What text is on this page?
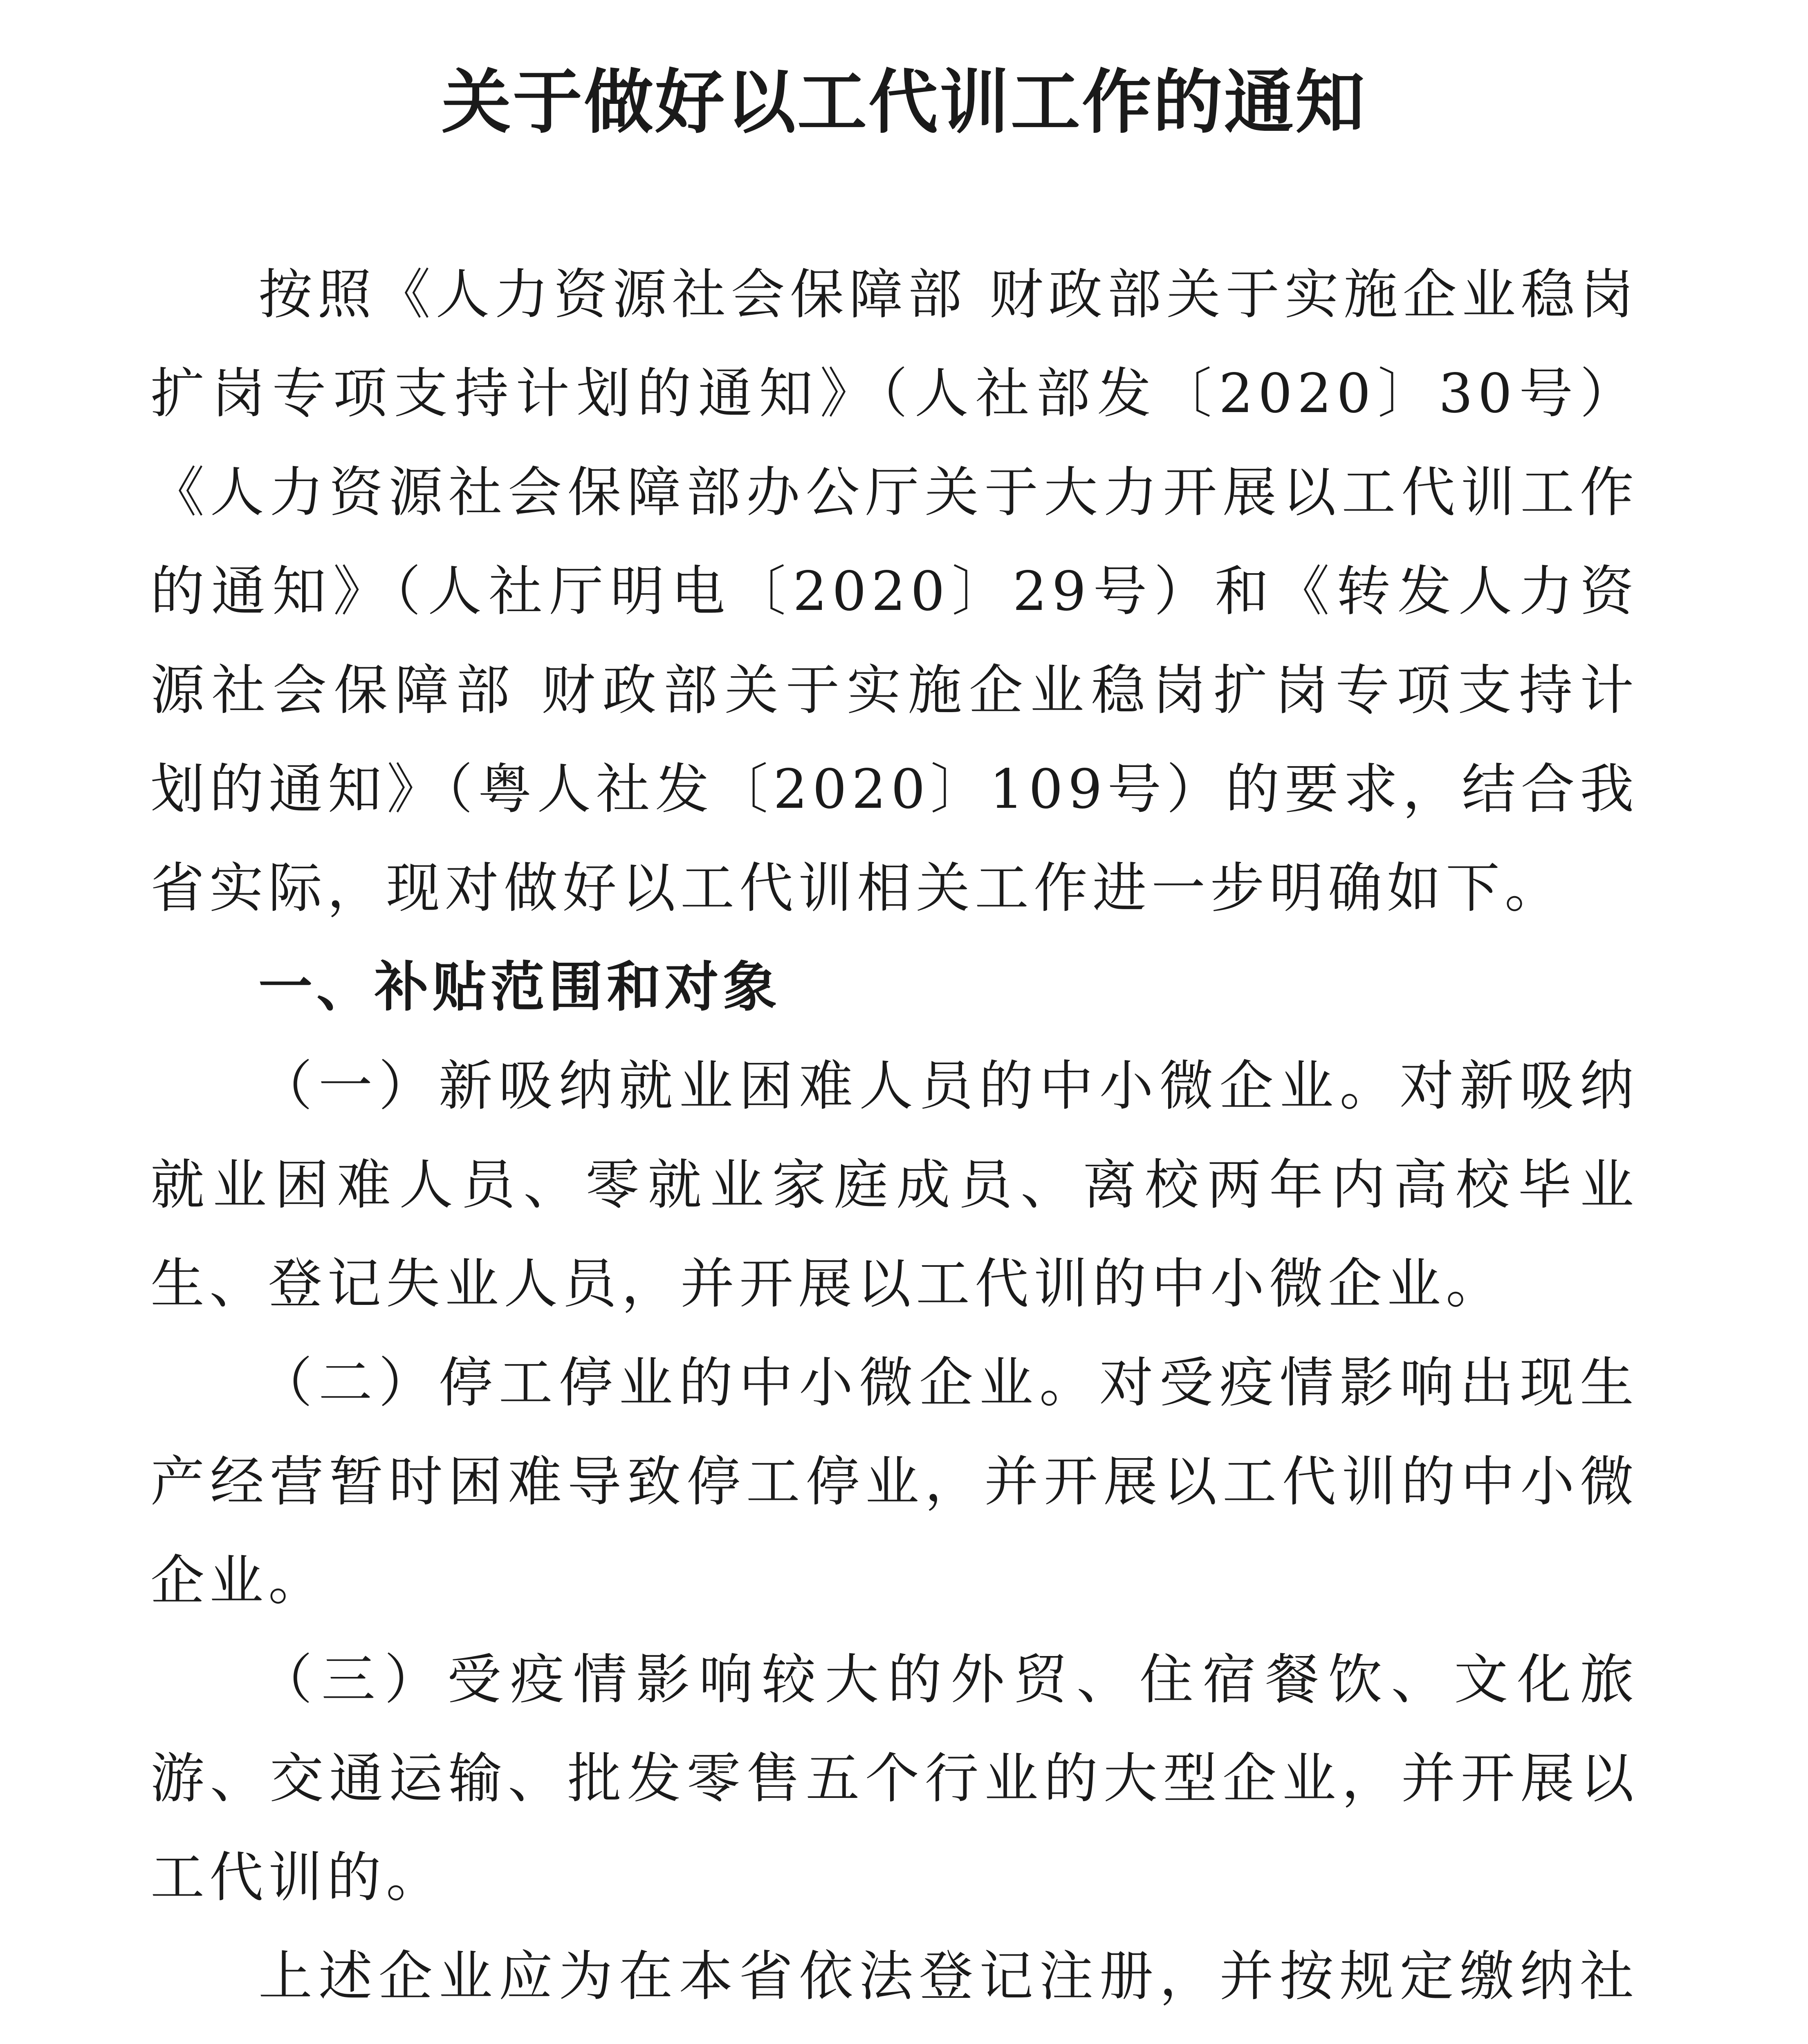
关于做好以工代训工作的通知

按照《人力资源社会保障部 财政部关于实施企业稳岗扩岗专项支持计划的通知》（人社部发〔2020〕30号）《人力资源社会保障部办公厅关于大力开展以工代训工作的通知》（人社厅明电〔2020〕29号）和《转发人力资源社会保障部 财政部关于实施企业稳岗扩岗专项支持计划的通知》（粤人社发〔2020〕109号）的要求，结合我省实际，现对做好以工代训相关工作进一步明确如下。

一、补贴范围和对象

（一）新吸纳就业困难人员的中小微企业。对新吸纳就业困难人员、零就业家庭成员、离校两年内高校毕业生、登记失业人员，并开展以工代训的中小微企业。

（二）停工停业的中小微企业。对受疫情影响出现生产经营暂时困难导致停工停业，并开展以工代训的中小微企业。

（三）受疫情影响较大的外贸、住宿餐饮、文化旅游、交通运输、批发零售五个行业的大型企业，并开展以工代训的。

上述企业应为在本省依法登记注册，并按规定缴纳社
